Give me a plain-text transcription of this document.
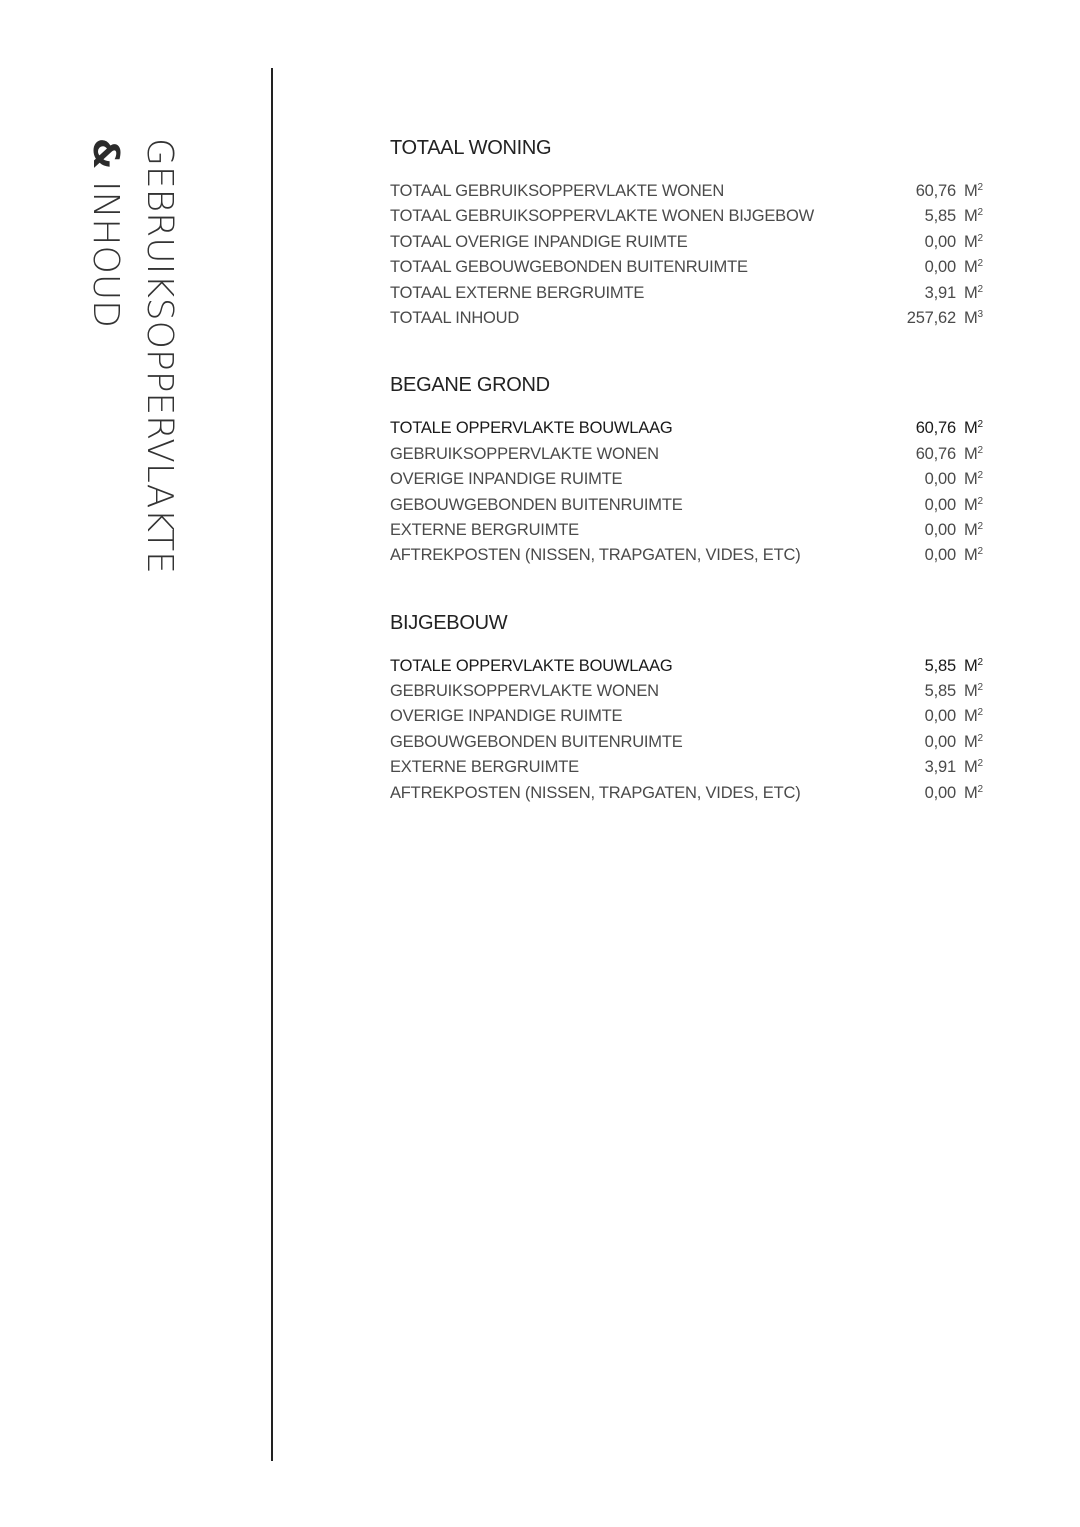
GEBRUIKSOPPERVLAKTE
& INHOUD
TOTAAL WONING
TOTAAL GEBRUIKSOPPERVLAKTE WONEN	60,76 $M^2$
TOTAAL GEBRUIKSOPPERVLAKTE WONEN BIJGEBOW	5,85 $M^2$
TOTAAL OVERIGE INPANDIGE RUIMTE	0,00 $M^2$
TOTAAL GEBOUWGEBONDEN BUITENRUIMTE	0,00 $M^2$
TOTAAL EXTERNE BERGRUIMTE	3,91 $M^2$
TOTAAL INHOUD	257,62 $M^3$
BEGANE GROND
TOTALE OPPERVLAKTE BOUWLAAG	60,76 $M^2$
GEBRUIKSOPPERVLAKTE WONEN	60,76 $M^2$
OVERIGE INPANDIGE RUIMTE	0,00 $M^2$
GEBOUWGEBONDEN BUITENRUIMTE	0,00 $M^2$
EXTERNE BERGRUIMTE	0,00 $M^2$
AFTREKPOSTEN (NISSEN, TRAPGATEN, VIDES, ETC)	0,00 $M^2$
BIJGEBOUW
TOTALE OPPERVLAKTE BOUWLAAG	5,85 $M^2$
GEBRUIKSOPPERVLAKTE WONEN	5,85 $M^2$
OVERIGE INPANDIGE RUIMTE	0,00 $M^2$
GEBOUWGEBONDEN BUITENRUIMTE	0,00 $M^2$
EXTERNE BERGRUIMTE	3,91 $M^2$
AFTREKPOSTEN (NISSEN, TRAPGATEN, VIDES, ETC)	0,00 $M^2$
